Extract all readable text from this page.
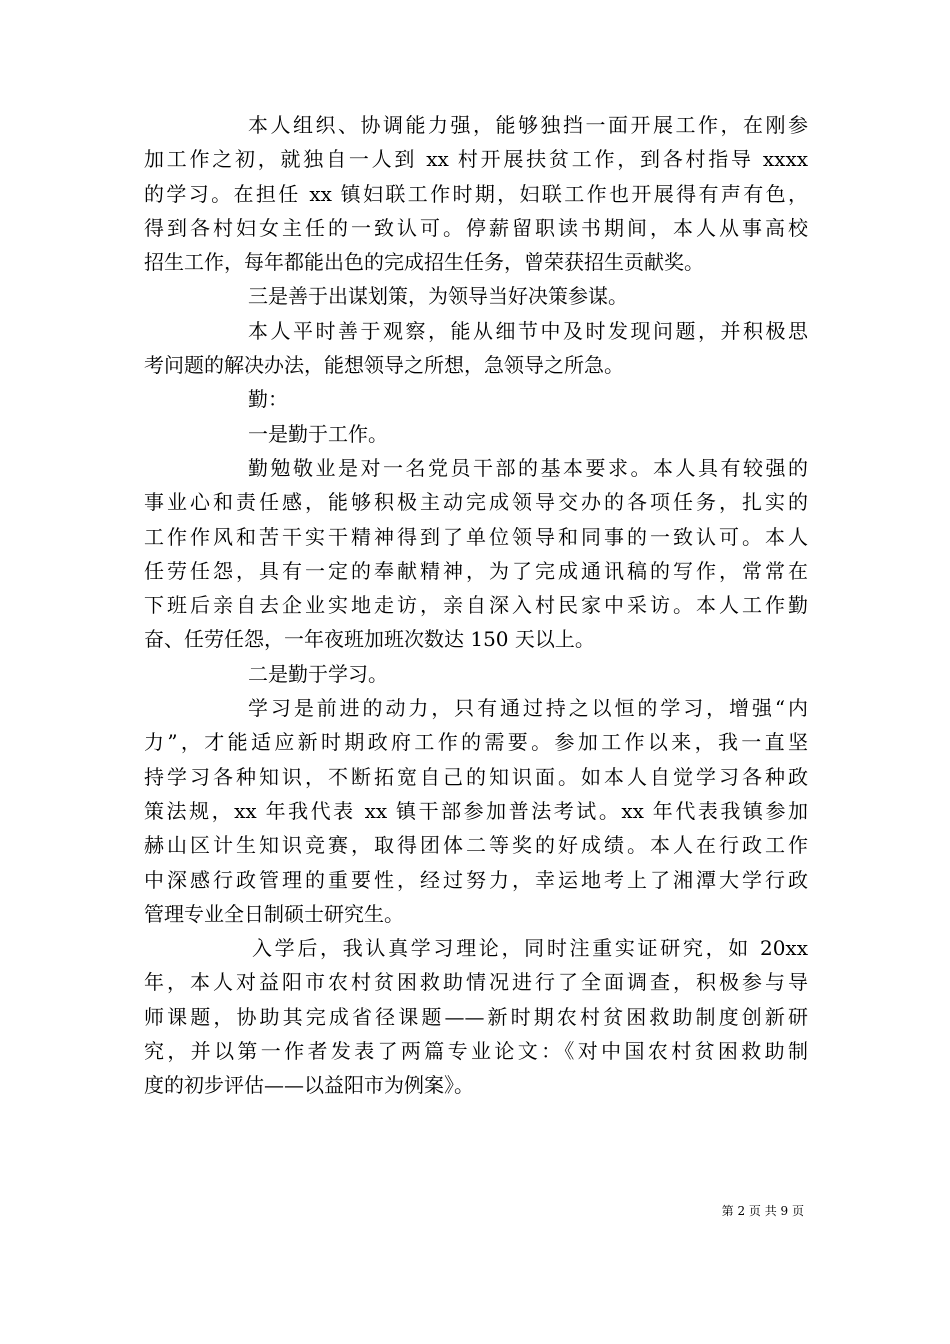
本人组织、协调能力强，能够独挡一面开展工作，在刚参
加工作之初，就独自一人到 xx 村开展扶贫工作，到各村指导 xxxx
的学习。在担任 xx 镇妇联工作时期，妇联工作也开展得有声有色，
得到各村妇女主任的一致认可。停薪留职读书期间，本人从事高校
招生工作，每年都能出色的完成招生任务，曾荣获招生贡献奖。
三是善于出谋划策，为领导当好决策参谋。
本人平时善于观察，能从细节中及时发现问题，并积极思
考问题的解决办法，能想领导之所想，急领导之所急。
勤：
一是勤于工作。
勤勉敬业是对一名党员干部的基本要求。本人具有较强的
事业心和责任感，能够积极主动完成领导交办的各项任务，扎实的
工作作风和苦干实干精神得到了单位领导和同事的一致认可。本人
任劳任怨，具有一定的奉献精神，为了完成通讯稿的写作，常常在
下班后亲自去企业实地走访，亲自深入村民家中采访。本人工作勤
奋、任劳任怨，一年夜班加班次数达 150 天以上。
二是勤于学习。
学习是前进的动力，只有通过持之以恒的学习，增强“内
力”，才能适应新时期政府工作的需要。参加工作以来，我一直坚
持学习各种知识，不断拓宽自己的知识面。如本人自觉学习各种政
策法规，xx 年我代表 xx 镇干部参加普法考试。xx 年代表我镇参加
赫山区计生知识竞赛，取得团体二等奖的好成绩。本人在行政工作
中深感行政管理的重要性，经过努力，幸运地考上了湘潭大学行政
管理专业全日制硕士研究生。
入学后，我认真学习理论，同时注重实证研究，如 20xx
年，本人对益阳市农村贫困救助情况进行了全面调查，积极参与导
师课题，协助其完成省径课题——新时期农村贫困救助制度创新研
究，并以第一作者发表了两篇专业论文：《对中国农村贫困救助制
度的初步评估——以益阳市为例案》。
第 2 页 共 9 页
